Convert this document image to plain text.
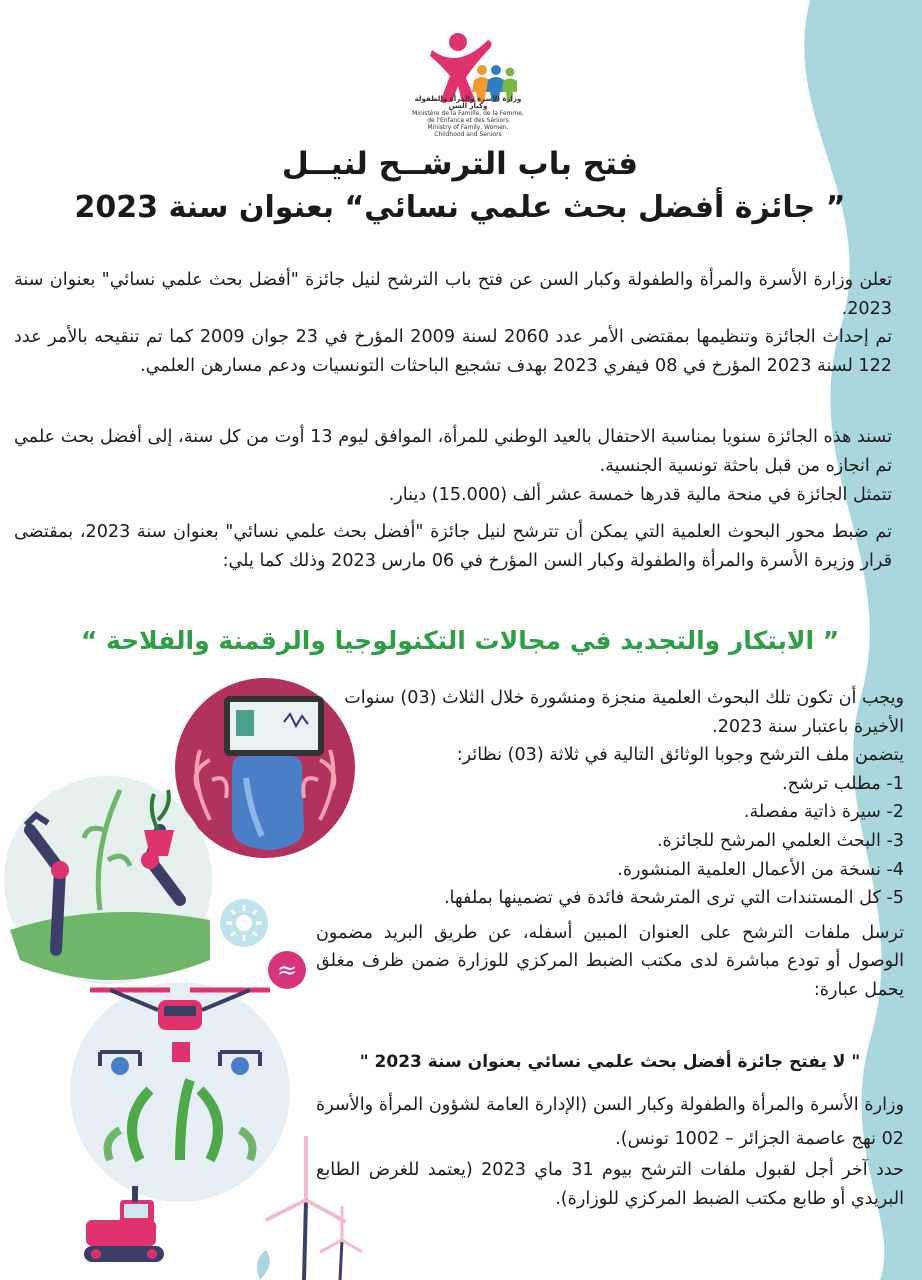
وزارة الأسرة والمرأة والطفولة وكبار السن
Ministère de la Famille, de la Femme, de l'Enfance et des Séniors
Ministry of Family, Women, Childhood and Seniors
فتح باب الترشــح لنيــل
” جائزة أفضل بحث علمي نسائي“ بعنوان سنة 2023
تعلن وزارة الأسرة والمرأة والطفولة وكبار السن عن فتح باب الترشح لنيل جائزة "أفضل بحث علمي نسائي" بعنوان سنة 2023.
تم إحداث الجائزة وتنظيمها بمقتضى الأمر عدد 2060 لسنة 2009 المؤرخ في 23 جوان 2009 كما تم تنقيحه بالأمر عدد 122 لسنة 2023 المؤرخ في 08 فيفري 2023 بهدف تشجيع الباحثات التونسيات ودعم مسارهن العلمي.
تسند هذه الجائزة سنويا بمناسبة الاحتفال بالعيد الوطني للمرأة، الموافق ليوم 13 أوت من كل سنة، إلى أفضل بحث علمي تم انجازه من قبل باحثة تونسية الجنسية.
تتمثل الجائزة في منحة مالية قدرها خمسة عشر ألف (15.000) دينار.
تم ضبط محور البحوث العلمية التي يمكن أن تترشح لنيل جائزة "أفضل بحث علمي نسائي" بعنوان سنة 2023، بمقتضى قرار وزيرة الأسرة والمرأة والطفولة وكبار السن المؤرخ في 06 مارس 2023 وذلك كما يلي:
” الابتكار والتجديد في مجالات التكنولوجيا والرقمنة والفلاحة “
ويجب أن تكون تلك البحوث العلمية منجزة ومنشورة خلال الثلاث (03) سنوات الأخيرة باعتبار سنة 2023.
يتضمن ملف الترشح وجوبا الوثائق التالية في ثلاثة (03) نظائر:
1- مطلب ترشح.
2- سيرة ذاتية مفصلة.
3- البحث العلمي المرشح للجائزة.
4- نسخة من الأعمال العلمية المنشورة.
5- كل المستندات التي ترى المترشحة فائدة في تضمينها بملفها.
ترسل ملفات الترشح على العنوان المبين أسفله، عن طريق البريد مضمون الوصول أو تودع مباشرة لدى مكتب الضبط المركزي للوزارة ضمن ظرف مغلق يحمل عبارة:
" لا يفتح جائزة أفضل بحث علمي نسائي بعنوان سنة 2023 "
وزارة الأسرة والمرأة والطفولة وكبار السن (الإدارة العامة لشؤون المرأة والأسرة 02 نهج عاصمة الجزائر – 1002 تونس).
حدد آخر أجل لقبول ملفات الترشح بيوم 31 ماي 2023 (يعتمد للغرض الطابع البريدي أو طابع مكتب الضبط المركزي للوزارة).
≈
